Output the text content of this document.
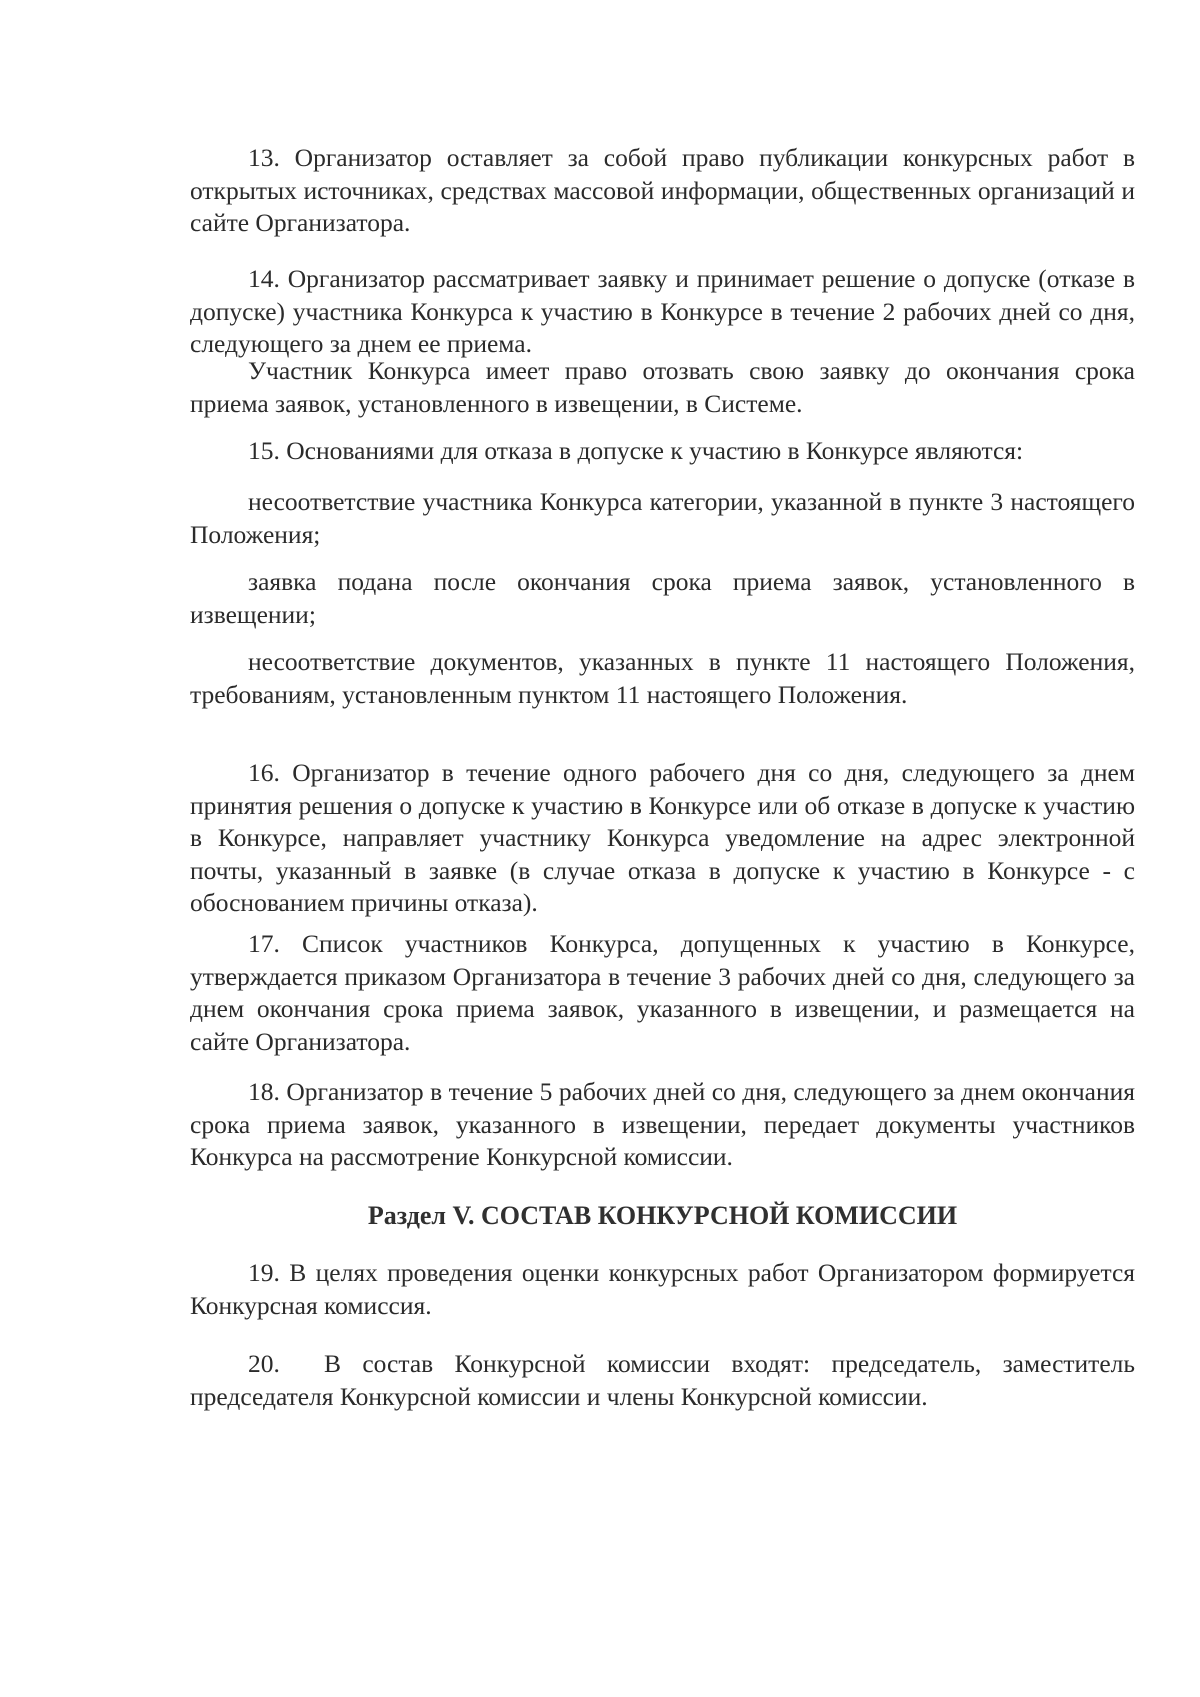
13. Организатор оставляет за собой право публикации конкурсных работ в открытых источниках, средствах массовой информации, общественных организаций и сайте Организатора.

14. Организатор рассматривает заявку и принимает решение о допуске (отказе в допуске) участника Конкурса к участию в Конкурсе в течение 2 рабочих дней со дня, следующего за днем ее приема.

Участник Конкурса имеет право отозвать свою заявку до окончания срока приема заявок, установленного в извещении, в Системе.

15. Основаниями для отказа в допуске к участию в Конкурсе являются:

несоответствие участника Конкурса категории, указанной в пункте 3 настоящего Положения;

заявка подана после окончания срока приема заявок, установленного в извещении;

несоответствие документов, указанных в пункте 11 настоящего Положения, требованиям, установленным пунктом 11 настоящего Положения.

16. Организатор в течение одного рабочего дня со дня, следующего за днем принятия решения о допуске к участию в Конкурсе или об отказе в допуске к участию в Конкурсе, направляет участнику Конкурса уведомление на адрес электронной почты, указанный в заявке (в случае отказа в допуске к участию в Конкурсе - с обоснованием причины отказа).

17. Список участников Конкурса, допущенных к участию в Конкурсе, утверждается приказом Организатора в течение 3 рабочих дней со дня, следующего за днем окончания срока приема заявок, указанного в извещении, и размещается на сайте Организатора.

18. Организатор в течение 5 рабочих дней со дня, следующего за днем окончания срока приема заявок, указанного в извещении, передает документы участников Конкурса на рассмотрение Конкурсной комиссии.

Раздел V. СОСТАВ КОНКУРСНОЙ КОМИССИИ

19. В целях проведения оценки конкурсных работ Организатором формируется Конкурсная комиссия.

20. В состав Конкурсной комиссии входят: председатель, заместитель председателя Конкурсной комиссии и члены Конкурсной комиссии.
